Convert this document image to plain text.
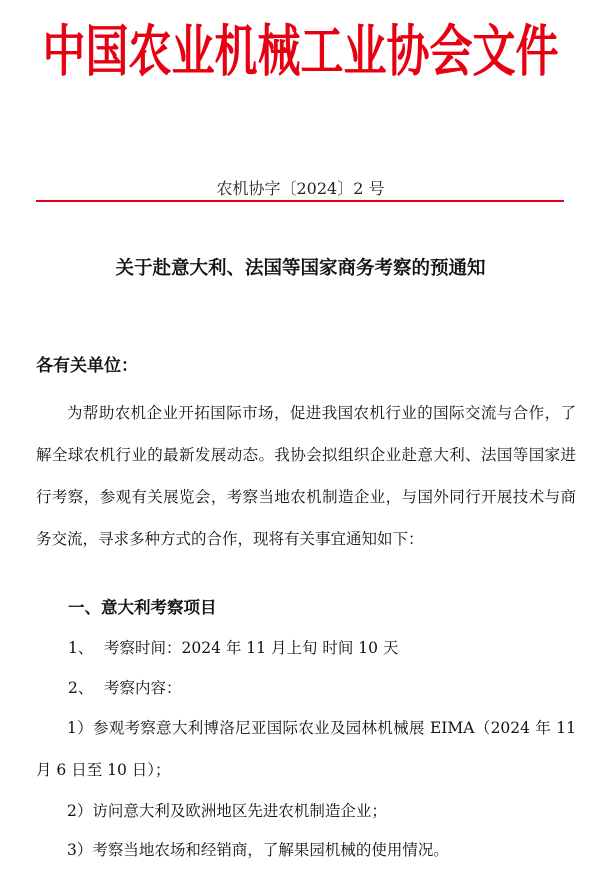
中国农业机械工业协会文件
农机协字〔2024〕2 号
关于赴意大利、法国等国家商务考察的预通知
各有关单位：

为帮助农机企业开拓国际市场，促进我国农机行业的国际交流与合作，了解全球农机行业的最新发展动态。我协会拟组织企业赴意大利、法国等国家进行考察，参观有关展览会，考察当地农机制造企业，与国外同行开展技术与商务交流，寻求多种方式的合作，现将有关事宜通知如下：

一、意大利考察项目
1、 考察时间：2024 年 11 月上旬 时间 10 天
2、 考察内容：

1）参观考察意大利博洛尼亚国际农业及园林机械展 EIMA（2024 年 11 月 6 日至 10 日）；

2）访问意大利及欧洲地区先进农机制造企业；

3）考察当地农场和经销商，了解果园机械的使用情况。
